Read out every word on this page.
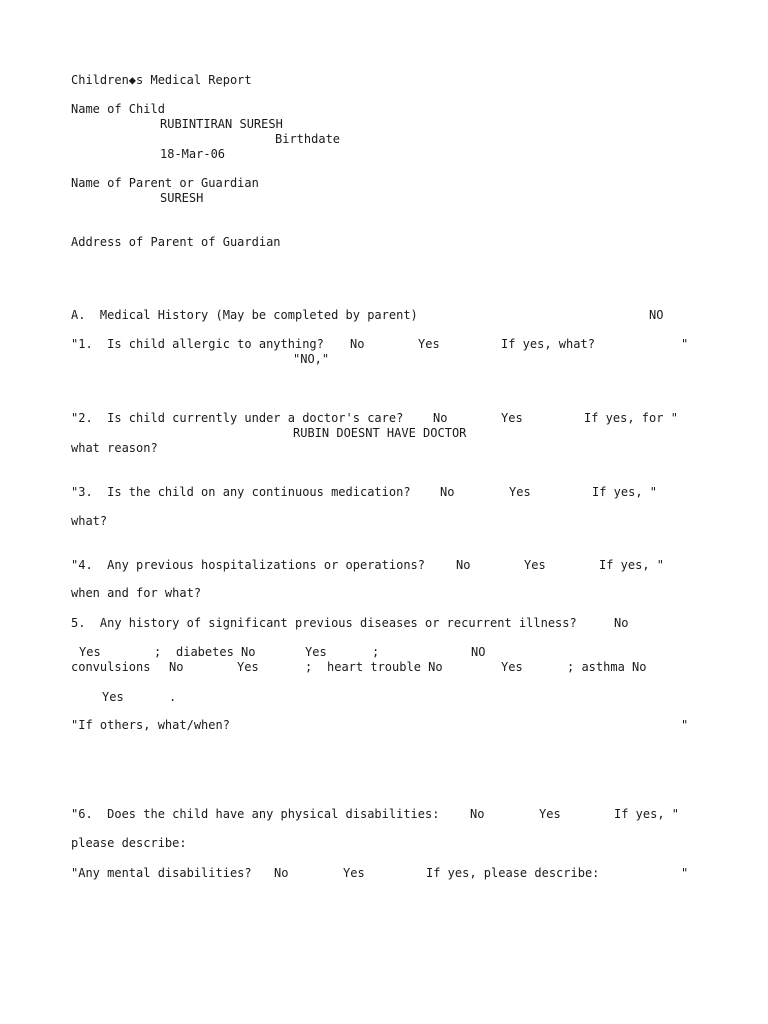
Children◆s Medical Report
Name of Child
RUBINTIRAN SURESH
Birthdate
18-Mar-06
Name of Parent or Guardian
SURESH
Address of Parent of Guardian
A.  Medical History (May be completed by parent)	NO
"1.  Is child allergic to anything? No	Yes	If yes, what?	"
"NO,"
"2.  Is child currently under a doctor's care? No	Yes	If yes, for "
RUBIN DOESNT HAVE DOCTOR
what reason?
"3.  Is the child on any continuous medication? No	Yes	If yes, "
what?
"4.  Any previous hospitalizations or operations?	No	Yes	If yes, "
when and for what?
5.  Any history of significant previous diseases or recurrent illness?	No
Yes	; diabetes No	Yes	;	NO
convulsions No	Yes	; heart trouble No	Yes	; asthma No
Yes	.
"If others, what/when?	"
"6.  Does the child have any physical disabilities:	No	Yes	If yes, "
please describe:
"Any mental disabilities? No	Yes	If yes, please describe:	"
